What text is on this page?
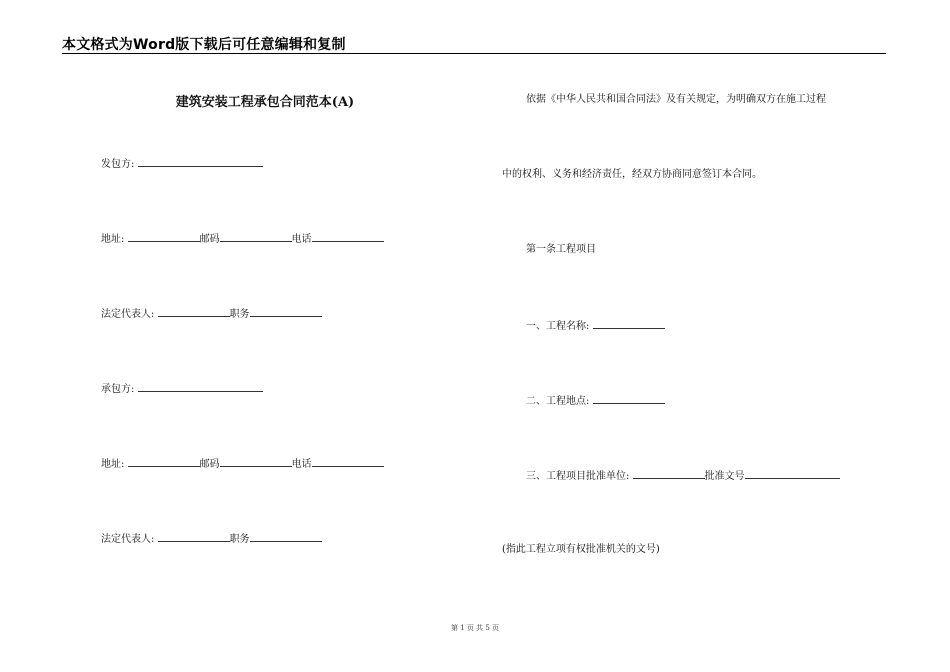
本文格式为Word版下载后可任意编辑和复制
建筑安装工程承包合同范本(A)
发包方:
地址:	邮码	电话
法定代表人:	职务
承包方:
地址:	邮码	电话
法定代表人:	职务
依据《中华人民共和国合同法》及有关规定，为明确双方在施工过程
中的权利、义务和经济责任，经双方协商同意签订本合同。
第一条工程项目
一、工程名称:
二、工程地点:
三、工程项目批准单位:	批准文号
(指此工程立项有权批准机关的文号)
第 1 页 共 5 页
